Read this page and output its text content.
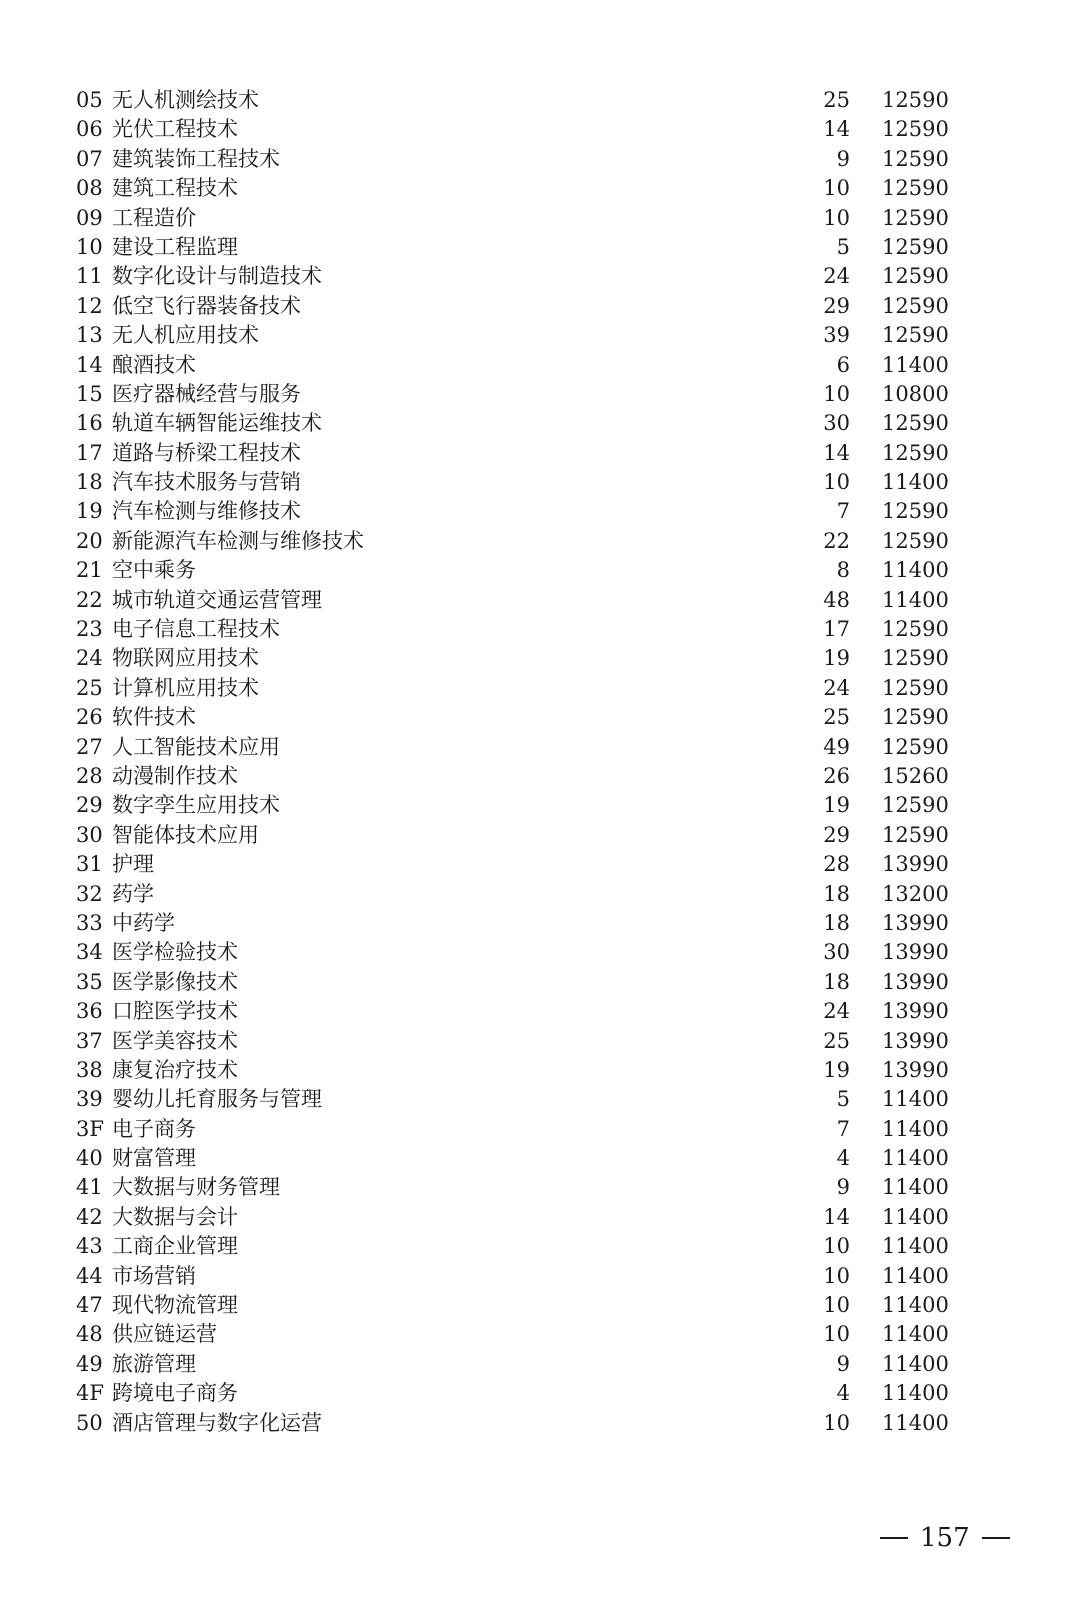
05 无人机测绘技术	25 12590
06 光伏工程技术	14 12590
07 建筑装饰工程技术	9 12590
08 建筑工程技术	10 12590
09 工程造价	10 12590
10 建设工程监理	5 12590
11 数字化设计与制造技术	24 12590
12 低空飞行器装备技术	29 12590
13 无人机应用技术	39 12590
14 酿酒技术	6 11400
15 医疗器械经营与服务	10 10800
16 轨道车辆智能运维技术	30 12590
17 道路与桥梁工程技术	14 12590
18 汽车技术服务与营销	10 11400
19 汽车检测与维修技术	7 12590
20 新能源汽车检测与维修技术	22 12590
21 空中乘务	8 11400
22 城市轨道交通运营管理	48 11400
23 电子信息工程技术	17 12590
24 物联网应用技术	19 12590
25 计算机应用技术	24 12590
26 软件技术	25 12590
27 人工智能技术应用	49 12590
28 动漫制作技术	26 15260
29 数字孪生应用技术	19 12590
30 智能体技术应用	29 12590
31 护理	28 13990
32 药学	18 13200
33 中药学	18 13990
34 医学检验技术	30 13990
35 医学影像技术	18 13990
36 口腔医学技术	24 13990
37 医学美容技术	25 13990
38 康复治疗技术	19 13990
39 婴幼儿托育服务与管理	5 11400
3F 电子商务	7 11400
40 财富管理	4 11400
41 大数据与财务管理	9 11400
42 大数据与会计	14 11400
43 工商企业管理	10 11400
44 市场营销	10 11400
47 现代物流管理	10 11400
48 供应链运营	10 11400
49 旅游管理	9 11400
4F 跨境电子商务	4 11400
50 酒店管理与数字化运营	10 11400
157
